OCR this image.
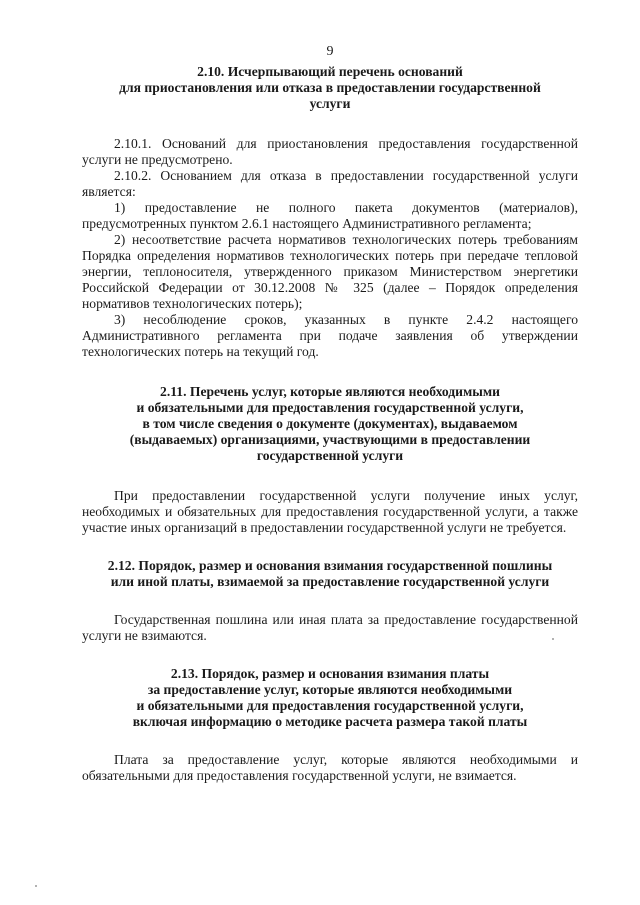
9
2.10. Исчерпывающий перечень оснований
для приостановления или отказа в предоставлении государственной
услуги

2.10.1. Оснований для приостановления предоставления государственной услуги не предусмотрено.

2.10.2. Основанием для отказа в предоставлении государственной услуги является:

1) предоставление не полного пакета документов (материалов), предусмотренных пунктом 2.6.1 настоящего Административного регламента;

2) несоответствие расчета нормативов технологических потерь требованиям Порядка определения нормативов технологических потерь при передаче тепловой энергии, теплоносителя, утвержденного приказом Министерством энергетики Российской Федерации от 30.12.2008 № 325 (далее – Порядок определения нормативов технологических потерь);

3) несоблюдение сроков, указанных в пункте 2.4.2 настоящего Административного регламента при подаче заявления об утверждении технологических потерь на текущий год.

2.11. Перечень услуг, которые являются необходимыми
и обязательными для предоставления государственной услуги,
в том числе сведения о документе (документах), выдаваемом
(выдаваемых) организациями, участвующими в предоставлении
государственной услуги

При предоставлении государственной услуги получение иных услуг, необходимых и обязательных для предоставления государственной услуги, а также участие иных организаций в предоставлении государственной услуги не требуется.

2.12. Порядок, размер и основания взимания государственной пошлины
или иной платы, взимаемой за предоставление государственной услуги

Государственная пошлина или иная плата за предоставление государственной услуги не взимаются.

2.13. Порядок, размер и основания взимания платы
за предоставление услуг, которые являются необходимыми
и обязательными для предоставления государственной услуги,
включая информацию о методике расчета размера такой платы

Плата за предоставление услуг, которые являются необходимыми и обязательными для предоставления государственной услуги, не взимается.
